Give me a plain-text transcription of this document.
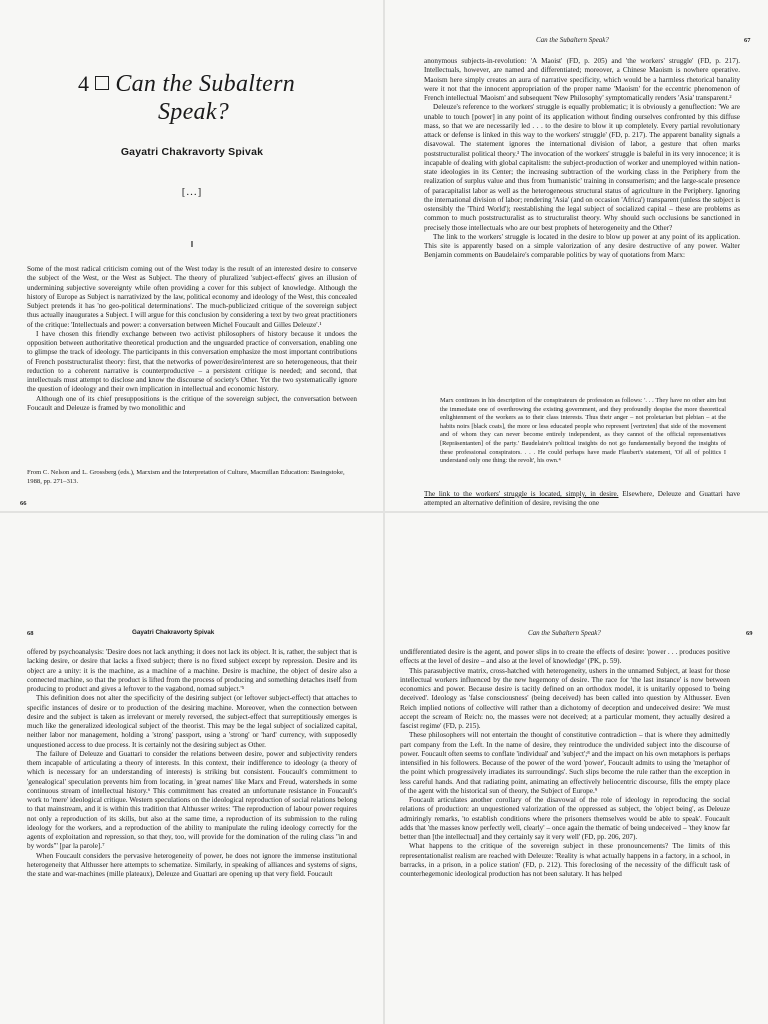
4 Can the Subaltern
Speak?
Gayatri Chakravorty Spivak
[...]
I

Some of the most radical criticism coming out of the West today is the result of an interested desire to conserve the subject of the West, or the West as Subject. The theory of pluralized 'subject-effects' gives an illusion of undermining subjective sovereignty while often providing a cover for this subject of knowledge. Although the history of Europe as Subject is narrativized by the law, political economy and ideology of the West, this concealed Subject pretends it has 'no geo-political determinations'. The much-publicized critique of the sovereign subject thus actually inaugurates a Subject. I will argue for this conclusion by considering a text by two great practitioners of the critique: 'Intellectuals and power: a conversation between Michel Foucault and Gilles Deleuze'.¹

I have chosen this friendly exchange between two activist philosophers of history because it undoes the opposition between authoritative theoretical production and the unguarded practice of conversation, enabling one to glimpse the track of ideology. The participants in this conversation emphasize the most important contributions of French poststructuralist theory: first, that the networks of power/desire/interest are so heterogeneous, that their reduction to a coherent narrative is counterproductive – a persistent critique is needed; and second, that intellectuals must attempt to disclose and know the discourse of society's Other. Yet the two systematically ignore the question of ideology and their own implication in intellectual and economic history.

Although one of its chief presuppositions is the critique of the sovereign subject, the conversation between Foucault and Deleuze is framed by two monolithic and

From C. Nelson and L. Grossberg (eds.), Marxism and the Interpretation of Culture, Macmillan Education: Basingstoke, 1988, pp. 271–313.
66
Can the Subaltern Speak?	67

anonymous subjects-in-revolution: 'A Maoist' (FD, p. 205) and 'the workers' struggle' (FD, p. 217). Intellectuals, however, are named and differentiated; moreover, a Chinese Maoism is nowhere operative. Maoism here simply creates an aura of narrative specificity, which would be a harmless rhetorical banality were it not that the innocent appropriation of the proper name 'Maoism' for the eccentric phenomenon of French intellectual 'Maoism' and subsequent 'New Philosophy' symptomatically renders 'Asia' transparent.²

Deleuze's reference to the workers' struggle is equally problematic; it is obviously a genuflection: 'We are unable to touch [power] in any point of its application without finding ourselves confronted by this diffuse mass, so that we are necessarily led . . . to the desire to blow it up completely. Every partial revolutionary attack or defense is linked in this way to the workers' struggle' (FD, p. 217). The apparent banality signals a disavowal. The statement ignores the international division of labor, a gesture that often marks poststructuralist political theory.³ The invocation of the workers' struggle is baleful in its very innocence; it is incapable of dealing with global capitalism: the subject-production of worker and unemployed within nation-state ideologies in its Center; the increasing subtraction of the working class in the Periphery from the realization of surplus value and thus from 'humanistic' training in consumerism; and the large-scale presence of paracapitalist labor as well as the heterogeneous structural status of agriculture in the Periphery. Ignoring the international division of labor; rendering 'Asia' (and on occasion 'Africa') transparent (unless the subject is ostensibly the 'Third World'); reestablishing the legal subject of socialized capital – these are problems as common to much poststructuralist as to structuralist theory. Why should such occlusions be sanctioned in precisely those intellectuals who are our best prophets of heterogeneity and the Other?

The link to the workers' struggle is located in the desire to blow up power at any point of its application. This site is apparently based on a simple valorization of any desire destructive of any power. Walter Benjamin comments on Baudelaire's comparable politics by way of quotations from Marx:

Marx continues in his description of the conspirateurs de profession as follows: '. . . They have no other aim but the immediate one of overthrowing the existing government, and they profoundly despise the more theoretical enlightenment of the workers as to their class interests. Thus their anger – not proletarian but plebian – at the habits noirs [black coats], the more or less educated people who represent [vertreten] that side of the movement and of whom they can never become entirely independent, as they cannot of the official representatives [Repräsentanten] of the party.' Baudelaire's political insights do not go fundamentally beyond the insights of these professional conspirators. . . . He could perhaps have made Flaubert's statement, 'Of all of politics I understand only one thing: the revolt', his own.⁴

The link to the workers' struggle is located, simply, in desire. Elsewhere, Deleuze and Guattari have attempted an alternative definition of desire, revising the one
68	Gayatri Chakravorty Spivak

offered by psychoanalysis: 'Desire does not lack anything; it does not lack its object. It is, rather, the subject that is lacking desire, or desire that lacks a fixed subject; there is no fixed subject except by repression. Desire and its object are a unity: it is the machine, as a machine of a machine. Desire is machine, the object of desire also a connected machine, so that the product is lifted from the process of producing and something detaches itself from producing to product and gives a leftover to the vagabond, nomad subject.'⁵

This definition does not alter the specificity of the desiring subject (or leftover subject-effect) that attaches to specific instances of desire or to production of the desiring machine. Moreover, when the connection between desire and the subject is taken as irrelevant or merely reversed, the subject-effect that surreptitiously emerges is much like the generalized ideological subject of the theorist. This may be the legal subject of socialized capital, neither labor nor management, holding a 'strong' passport, using a 'strong' or 'hard' currency, with supposedly unquestioned access to due process. It is certainly not the desiring subject as Other.

The failure of Deleuze and Guattari to consider the relations between desire, power and subjectivity renders them incapable of articulating a theory of interests. In this context, their indifference to ideology (a theory of which is necessary for an understanding of interests) is striking but consistent. Foucault's commitment to 'genealogical' speculation prevents him from locating, in 'great names' like Marx and Freud, watersheds in some continuous stream of intellectual history.⁶ This commitment has created an unfortunate resistance in Foucault's work to 'mere' ideological critique. Western speculations on the ideological reproduction of social relations belong to that mainstream, and it is within this tradition that Althusser writes: 'The reproduction of labour power requires not only a reproduction of its skills, but also at the same time, a reproduction of its submission to the ruling ideology for the workers, and a reproduction of the ability to manipulate the ruling ideology correctly for the agents of exploitation and repression, so that they, too, will provide for the domination of the ruling class "in and by words"' [par la parole].⁷

When Foucault considers the pervasive heterogeneity of power, he does not ignore the immense institutional heterogeneity that Althusser here attempts to schematize. Similarly, in speaking of alliances and systems of signs, the state and war-machines (mille plateaux), Deleuze and Guattari are opening up that very field. Foucault

Can the Subaltern Speak?	69

undifferentiated desire is the agent, and power slips in to create the effects of desire: 'power . . . produces positive effects at the level of desire – and also at the level of knowledge' (PK, p. 59).

This parasubjective matrix, cross-hatched with heterogeneity, ushers in the unnamed Subject, at least for those intellectual workers influenced by the new hegemony of desire. The race for 'the last instance' is now between economics and power. Because desire is tacitly defined on an orthodox model, it is unitarily opposed to 'being deceived'. Ideology as 'false consciousness' (being deceived) has been called into question by Althusser. Even Reich implied notions of collective will rather than a dichotomy of deception and undeceived desire: 'We must accept the scream of Reich: no, the masses were not deceived; at a particular moment, they actually desired a fascist regime' (FD, p. 215).

These philosophers will not entertain the thought of constitutive contradiction – that is where they admittedly part company from the Left. In the name of desire, they reintroduce the undivided subject into the discourse of power. Foucault often seems to conflate 'individual' and 'subject';⁸ and the impact on his own metaphors is perhaps intensified in his followers. Because of the power of the word 'power', Foucault admits to using the 'metaphor of the point which progressively irradiates its surroundings'. Such slips become the rule rather than the exception in less careful hands. And that radiating point, animating an effectively heliocentric discourse, fills the empty place of the agent with the historical sun of theory, the Subject of Europe.⁹

Foucault articulates another corollary of the disavowal of the role of ideology in reproducing the social relations of production: an unquestioned valorization of the oppressed as subject, the 'object being', as Deleuze admiringly remarks, 'to establish conditions where the prisoners themselves would be able to speak'. Foucault adds that 'the masses know perfectly well, clearly' – once again the thematic of being undeceived – 'they know far better than [the intellectual] and they certainly say it very well' (FD, pp. 206, 207).

What happens to the critique of the sovereign subject in these pronouncements? The limits of this representationalist realism are reached with Deleuze: 'Reality is what actually happens in a factory, in a school, in barracks, in a prison, in a police station' (FD, p. 212). This foreclosing of the necessity of the difficult task of counterhegemonic ideological production has not been salutary. It has helped
